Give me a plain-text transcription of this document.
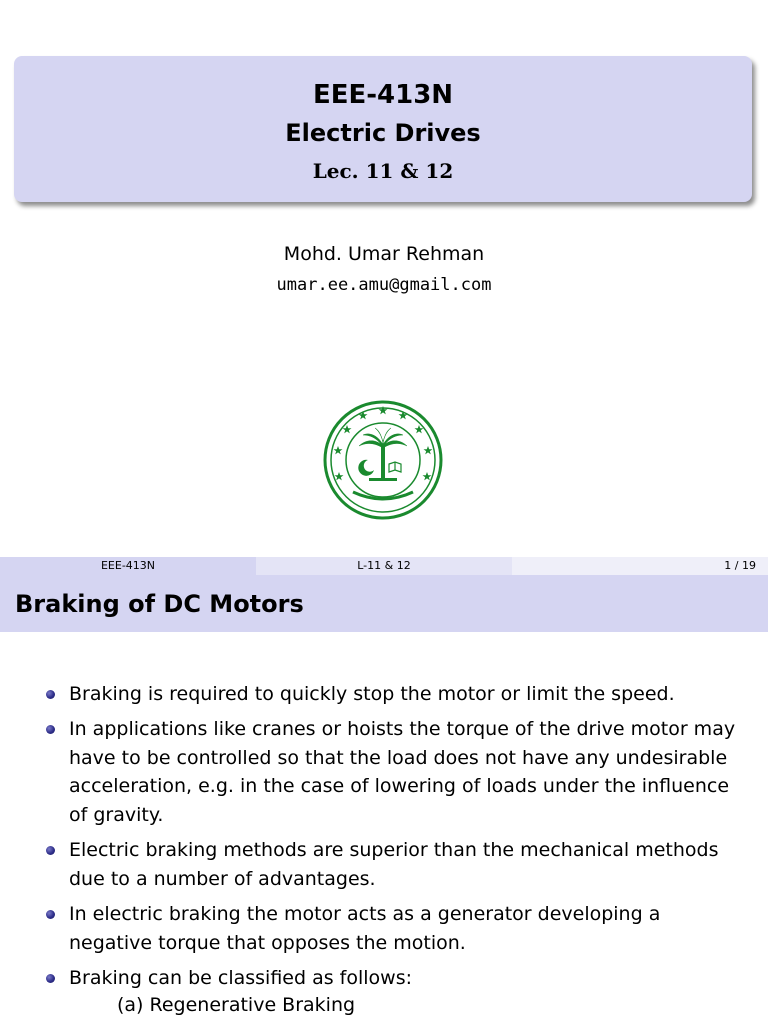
EEE-413N
Electric Drives
Lec. 11 & 12
Mohd. Umar Rehman
umar.ee.amu@gmail.com
EEE-413N	L-11 & 12	1 / 19
Braking of DC Motors
Braking is required to quickly stop the motor or limit the speed.
In applications like cranes or hoists the torque of the drive motor may have to be controlled so that the load does not have any undesirable acceleration, e.g. in the case of lowering of loads under the influence of gravity.
Electric braking methods are superior than the mechanical methods due to a number of advantages.
In electric braking the motor acts as a generator developing a negative torque that opposes the motion.
Braking can be classified as follows:
(a) Regenerative Braking
